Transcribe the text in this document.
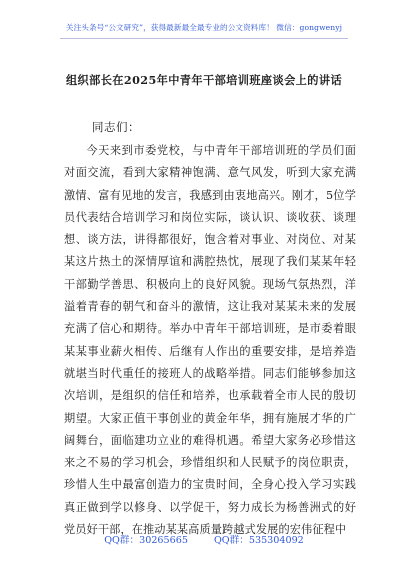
关注头条号“公文研究”，获得最新最全最专业的公文资料库！ 微信：gongwenyj
组织部长在2025年中青年干部培训班座谈会上的讲话
同志们：
今天来到市委党校，与中青年干部培训班的学员们面对面交流，看到大家精神饱满、意气风发，听到大家充满激情、富有见地的发言，我感到由衷地高兴。刚才，5位学员代表结合培训学习和岗位实际，谈认识、谈收获、谈理想、谈方法，讲得都很好，饱含着对事业、对岗位、对某某这片热土的深情厚谊和满腔热忱，展现了我们某某年轻干部勤学善思、积极向上的良好风貌。现场气氛热烈，洋溢着青春的朝气和奋斗的激情，这让我对某某未来的发展充满了信心和期待。举办中青年干部培训班，是市委着眼某某事业薪火相传、后继有人作出的重要安排，是培养造就堪当时代重任的接班人的战略举措。同志们能够参加这次培训，是组织的信任和培养，也承载着全市人民的殷切期望。大家正值干事创业的黄金年华，拥有施展才华的广阔舞台，面临建功立业的难得机遇。希望大家务必珍惜这来之不易的学习机会，珍惜组织和人民赋予的岗位职责，珍惜人生中最富创造力的宝贵时间，全身心投入学习实践真正做到学以修身、以学促干，努力成长为杨善洲式的好党员好干部，在推动某某高质量跨越式发展的宏伟征程中
QQ群：30265665	QQ群：535304092
